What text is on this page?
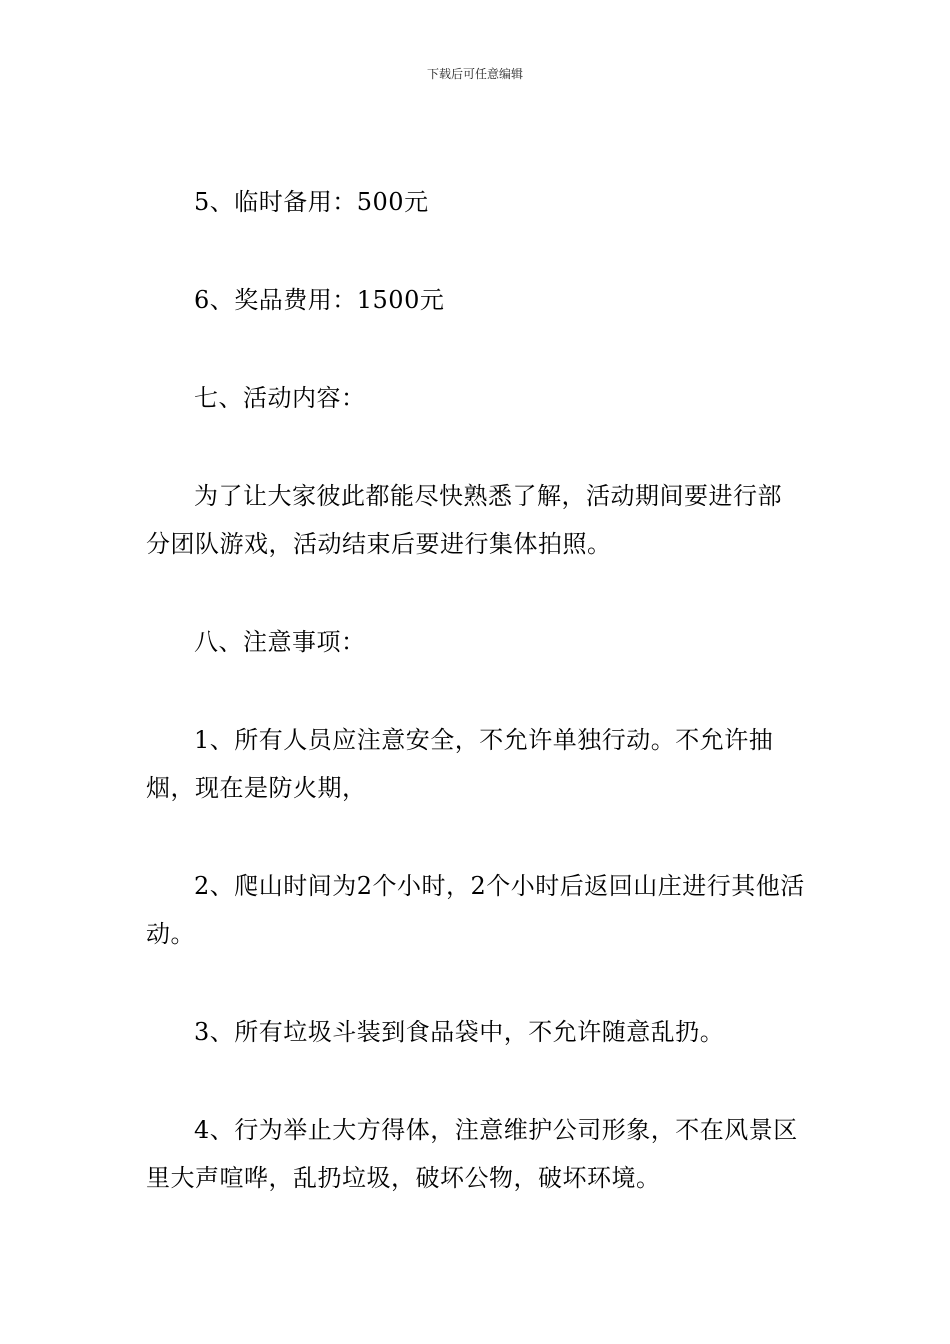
下载后可任意编辑

5、临时备用：500元

6、奖品费用：1500元

七、活动内容：

为了让大家彼此都能尽快熟悉了解，活动期间要进行部分团队游戏，活动结束后要进行集体拍照。

八、注意事项：

1、所有人员应注意安全，不允许单独行动。不允许抽烟，现在是防火期，

2、爬山时间为2个小时，2个小时后返回山庄进行其他活动。

3、所有垃圾斗装到食品袋中，不允许随意乱扔。

4、行为举止大方得体，注意维护公司形象，不在风景区里大声喧哗，乱扔垃圾，破坏公物，破坏环境。
